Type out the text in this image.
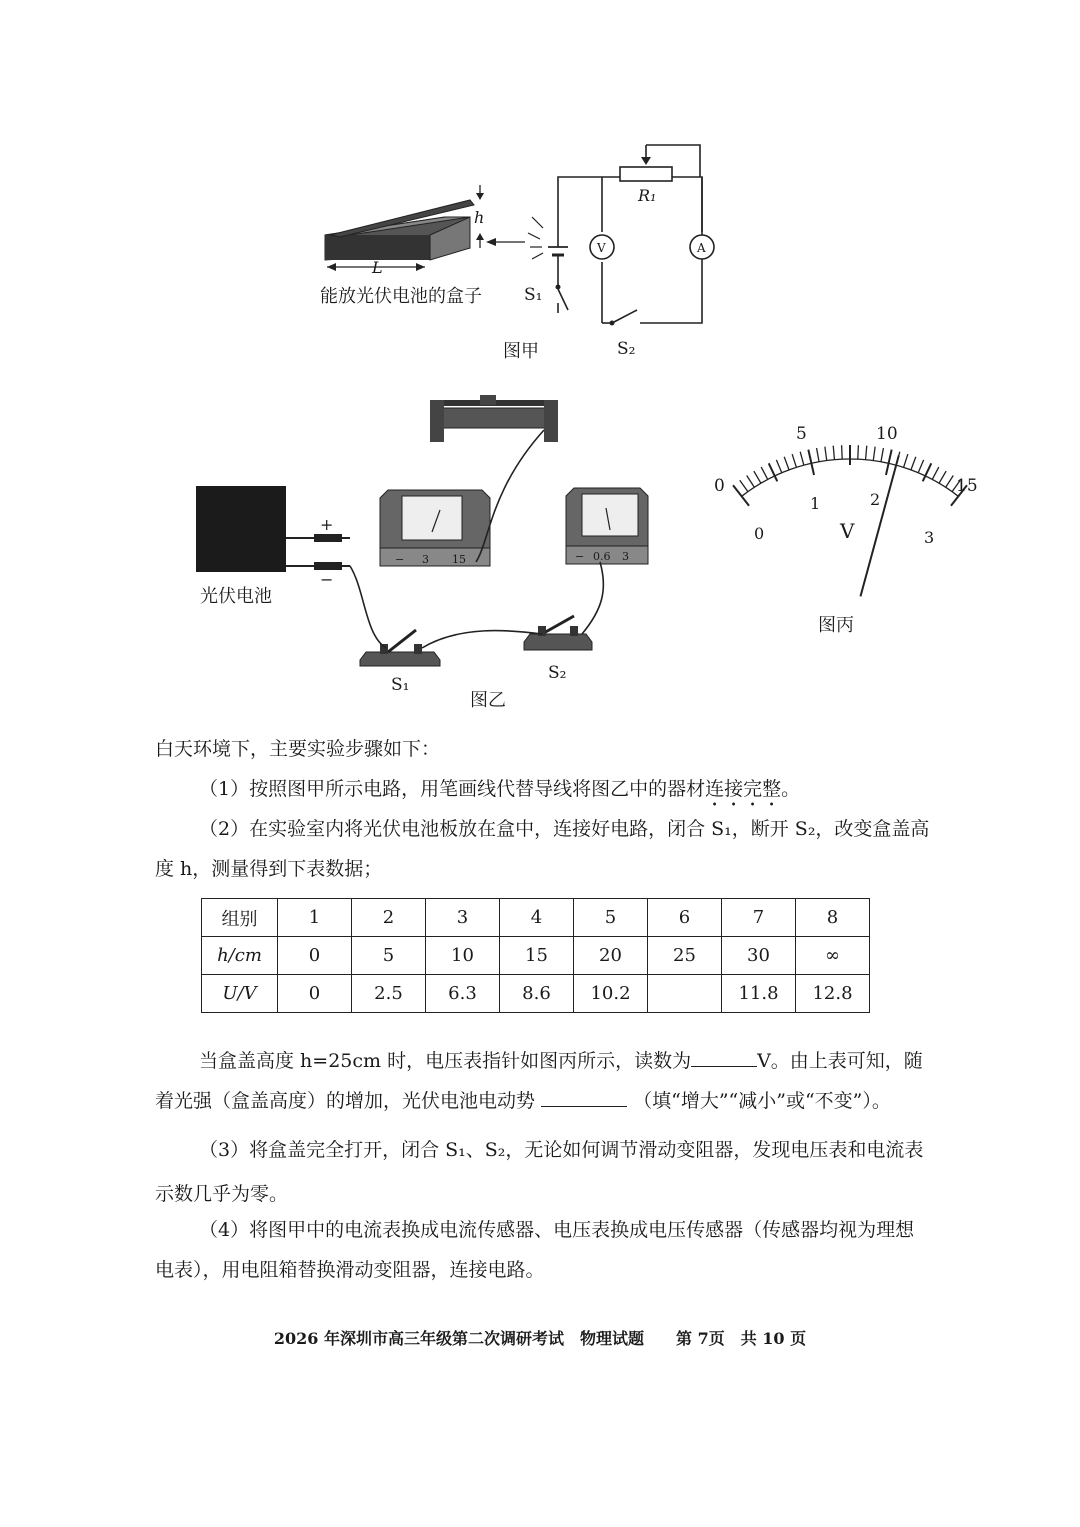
h
L
能放光伏电池的盒子
R₁
V	A
S₁
S₂
图甲
光伏电池
+
−
− 3 15	− 0.6 3
S₁
S₂
图乙
0
5	10
15
0
1	2
3
V
图丙
白天环境下，主要实验步骤如下：
（1）按照图甲所示电路，用笔画线代替导线将图乙中的器材连接完整。
（2）在实验室内将光伏电池板放在盒中，连接好电路，闭合 S₁，断开 S₂，改变盒盖高度 h，测量得到下表数据；
组别	1	2	3	4	5	6	7	8
h/cm	0	5	10	15	20	25	30	∞
U/V	0	2.5	6.3	8.6	10.2		11.8	12.8
当盒盖高度 h=25cm 时，电压表指针如图丙所示，读数为	V。由上表可知，随着光强（盒盖高度）的增加，光伏电池电动势	（填“增大”“减小”或“不变”）。
（3）将盒盖完全打开，闭合 S₁、S₂，无论如何调节滑动变阻器，发现电压表和电流表示数几乎为零。
（4）将图甲中的电流表换成电流传感器、电压表换成电压传感器（传感器均视为理想电表），用电阻箱替换滑动变阻器，连接电路。
2026 年深圳市高三年级第二次调研考试　物理试题　　 第 7页　共 10 页
